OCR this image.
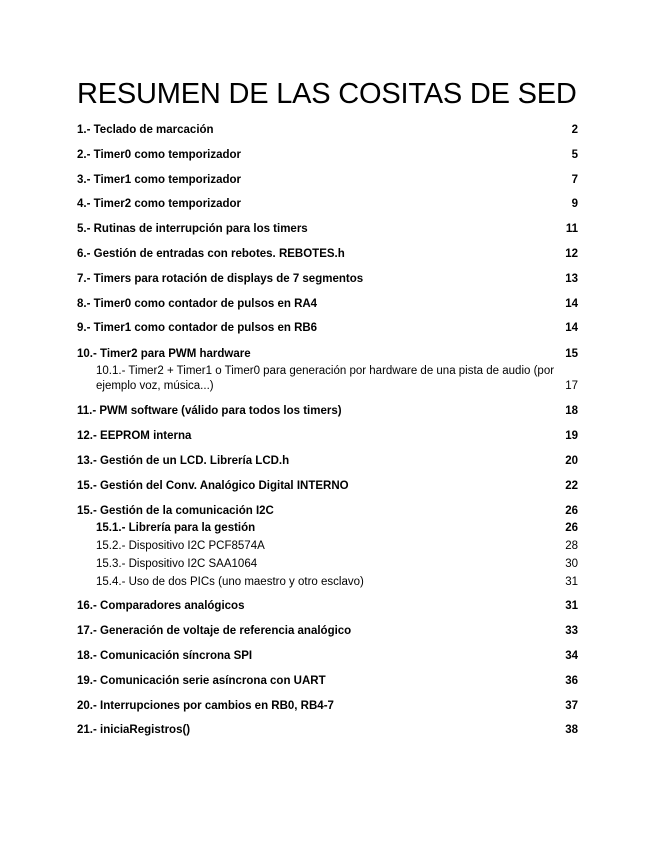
RESUMEN DE LAS COSITAS DE SED
1.- Teclado de marcación	2
2.- Timer0 como temporizador	5
3.- Timer1 como temporizador	7
4.- Timer2 como temporizador	9
5.- Rutinas de interrupción para los timers	11
6.- Gestión de entradas con rebotes. REBOTES.h	12
7.- Timers para rotación de displays de 7 segmentos	13
8.- Timer0 como contador de pulsos en RA4	14
9.- Timer1 como contador de pulsos en RB6	14
10.- Timer2 para PWM hardware	15
10.1.- Timer2 + Timer1 o Timer0 para generación por hardware de una pista de audio (por ejemplo voz, música...)	17
11.- PWM software (válido para todos los timers)	18
12.- EEPROM interna	19
13.- Gestión de un LCD. Librería LCD.h	20
15.- Gestión del Conv. Analógico Digital INTERNO	22
15.- Gestión de la comunicación I2C	26
15.1.- Librería para la gestión	26
15.2.- Dispositivo I2C PCF8574A	28
15.3.- Dispositivo I2C SAA1064	30
15.4.- Uso de dos PICs (uno maestro y otro esclavo)	31
16.- Comparadores analógicos	31
17.- Generación de voltaje de referencia analógico	33
18.- Comunicación síncrona SPI	34
19.- Comunicación serie asíncrona con UART	36
20.- Interrupciones por cambios en RB0, RB4-7	37
21.- iniciaRegistros()	38
